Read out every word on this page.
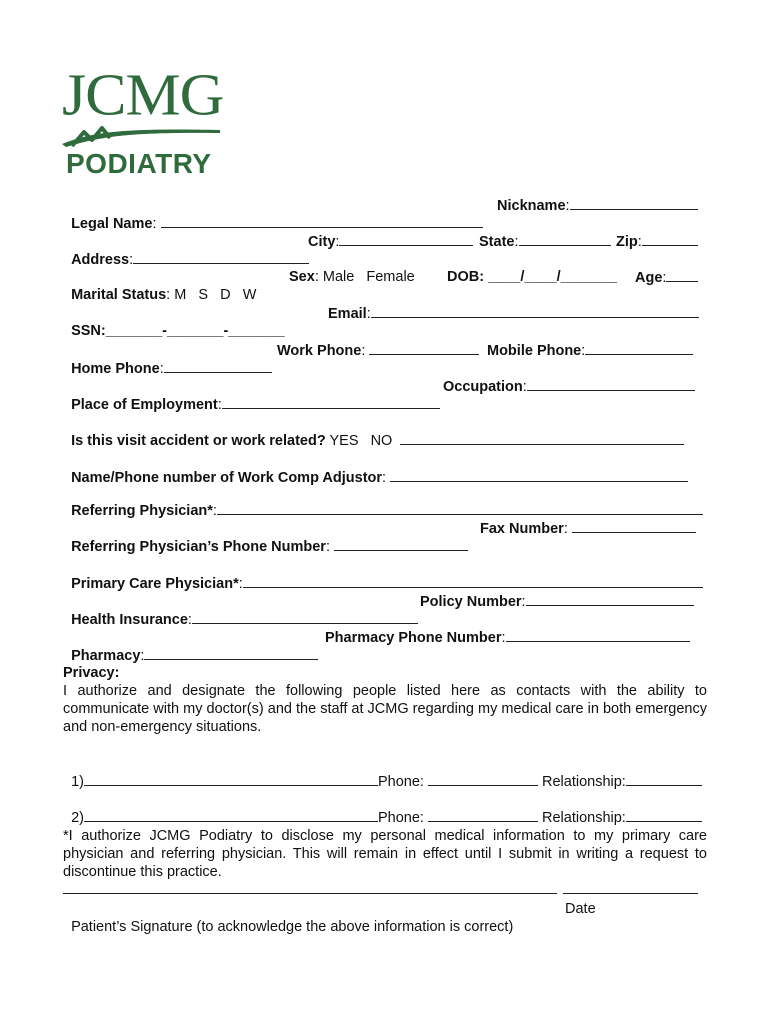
JCMG
PODIATRY

Legal Name:

Nickname:

Address:

City:

	State:

	Zip:

Marital Status: M   S   D   W

Sex: Male   Female

DOB: ____/____/_______

Age:

SSN:_______-_______-_______

Email:

Home Phone:

Work Phone:

	Mobile Phone:

Place of Employment:

Occupation:

Is this visit accident or work related? YES   NO

Name/Phone number of Work Comp Adjustor:

Referring Physician*:

Referring Physician’s Phone Number:

Fax Number:

Primary Care Physician*:

Health Insurance:

Policy Number:

Pharmacy:

Pharmacy Phone Number:

Privacy:
I authorize and designate the following people listed here as contacts with the ability to communicate with my doctor(s) and the staff at JCMG regarding my medical care in both emergency and non-emergency situations.

1)	Phone:	Relationship:

2)	Phone:	Relationship:

*I authorize JCMG Podiatry to disclose my personal medical information to my primary care physician and referring physician. This will remain in effect until I submit in writing a request to discontinue this practice.

Patient’s Signature (to acknowledge the above information is correct)

Date
